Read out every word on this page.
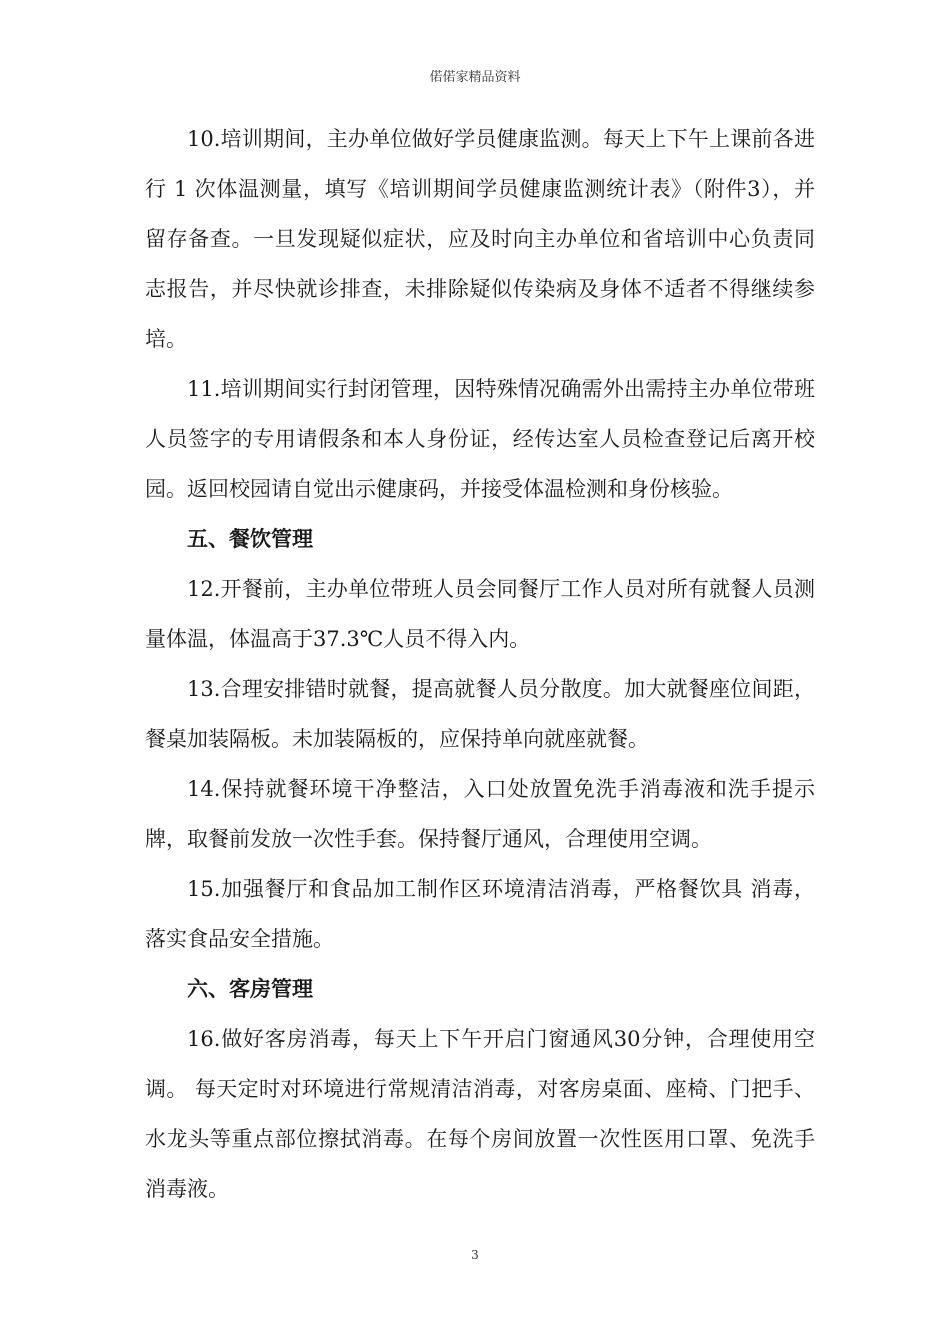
偌偌家精品资料

10.培训期间，主办单位做好学员健康监测。每天上下午上课前各进行 1 次体温测量，填写《培训期间学员健康监测统计表》（附件3），并留存备查。一旦发现疑似症状，应及时向主办单位和省培训中心负责同志报告，并尽快就诊排查，未排除疑似传染病及身体不适者不得继续参培。

11.培训期间实行封闭管理，因特殊情况确需外出需持主办单位带班人员签字的专用请假条和本人身份证，经传达室人员检查登记后离开校园。返回校园请自觉出示健康码，并接受体温检测和身份核验。

五、餐饮管理

12.开餐前，主办单位带班人员会同餐厅工作人员对所有就餐人员测量体温，体温高于37.3℃人员不得入内。

13.合理安排错时就餐，提高就餐人员分散度。加大就餐座位间距，餐桌加装隔板。未加装隔板的，应保持单向就座就餐。

14.保持就餐环境干净整洁，入口处放置免洗手消毒液和洗手提示牌，取餐前发放一次性手套。保持餐厅通风，合理使用空调。

15.加强餐厅和食品加工制作区环境清洁消毒，严格餐饮具 消毒，落实食品安全措施。

六、客房管理

16.做好客房消毒，每天上下午开启门窗通风30分钟，合理使用空调。 每天定时对环境进行常规清洁消毒，对客房桌面、座椅、门把手、水龙头等重点部位擦拭消毒。在每个房间放置一次性医用口罩、免洗手消毒液。

3
